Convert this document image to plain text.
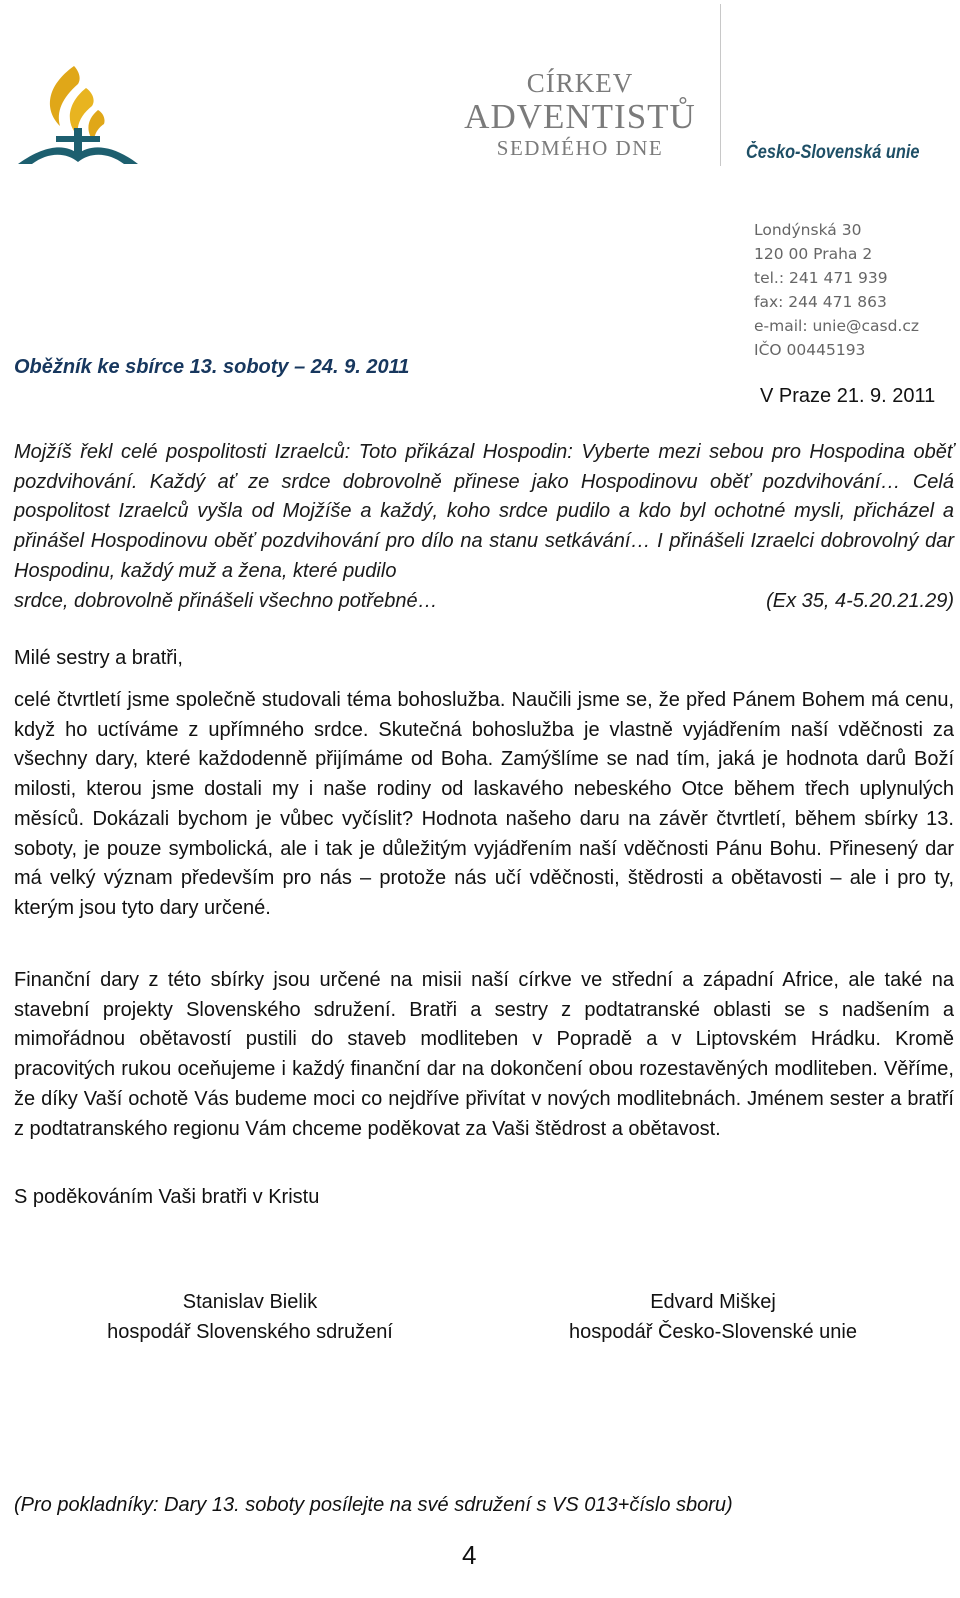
CÍRKEV
ADVENTISTŮ
SEDMÉHO DNE	Česko-Slovenská unie
Londýnská 30
120 00 Praha 2
tel.: 241 471 939
fax: 244 471 863
e-mail: unie@casd.cz
IČO 00445193
Oběžník ke sbírce 13. soboty – 24. 9. 2011
V Praze 21. 9. 2011
Mojžíš řekl celé pospolitosti Izraelců: Toto přikázal Hospodin: Vyberte mezi sebou pro Hospodina oběť pozdvihování. Každý ať ze srdce dobrovolně přinese jako Hospodinovu oběť pozdvihování… Celá pospolitost Izraelců vyšla od Mojžíše a každý, koho srdce pudilo a kdo byl ochotné mysli, přicházel a přinášel Hospodinovu oběť pozdvihování pro dílo na stanu setkávání… I přinášeli Izraelci dobrovolný dar Hospodinu, každý muž a žena, které pudilo
srdce, dobrovolně přinášeli všechno potřebné…	(Ex 35, 4-5.20.21.29)
Milé sestry a bratři,
celé čtvrtletí jsme společně studovali téma bohoslužba. Naučili jsme se, že před Pánem Bohem má cenu, když ho uctíváme z upřímného srdce. Skutečná bohoslužba je vlastně vyjádřením naší vděčnosti za všechny dary, které každodenně přijímáme od Boha. Zamýšlíme se nad tím, jaká je hodnota darů Boží milosti, kterou jsme dostali my i naše rodiny od laskavého nebeského Otce během třech uplynulých měsíců. Dokázali bychom je vůbec vyčíslit? Hodnota našeho daru na závěr čtvrtletí, během sbírky 13. soboty, je pouze symbolická, ale i tak je důležitým vyjádřením naší vděčnosti Pánu Bohu. Přinesený dar má velký význam především pro nás – protože nás učí vděčnosti, štědrosti a obětavosti – ale i pro ty, kterým jsou tyto dary určené.
Finanční dary z této sbírky jsou určené na misii naší církve ve střední a západní Africe, ale také na stavební projekty Slovenského sdružení. Bratři a sestry z podtatranské oblasti se s nadšením a mimořádnou obětavostí pustili do staveb modliteben v Popradě a v Liptovském Hrádku. Kromě pracovitých rukou oceňujeme i každý finanční dar na dokončení obou rozestavěných modliteben. Věříme, že díky Vaší ochotě Vás budeme moci co nejdříve přivítat v nových modlitebnách. Jménem sester a bratří z podtatranského regionu Vám chceme poděkovat za Vaši štědrost a obětavost.
S poděkováním Vaši bratři v Kristu
Stanislav Bielik
hospodář Slovenského sdružení
Edvard Miškej
hospodář Česko-Slovenské unie
(Pro pokladníky: Dary 13. soboty posílejte na své sdružení s VS 013+číslo sboru)
4
